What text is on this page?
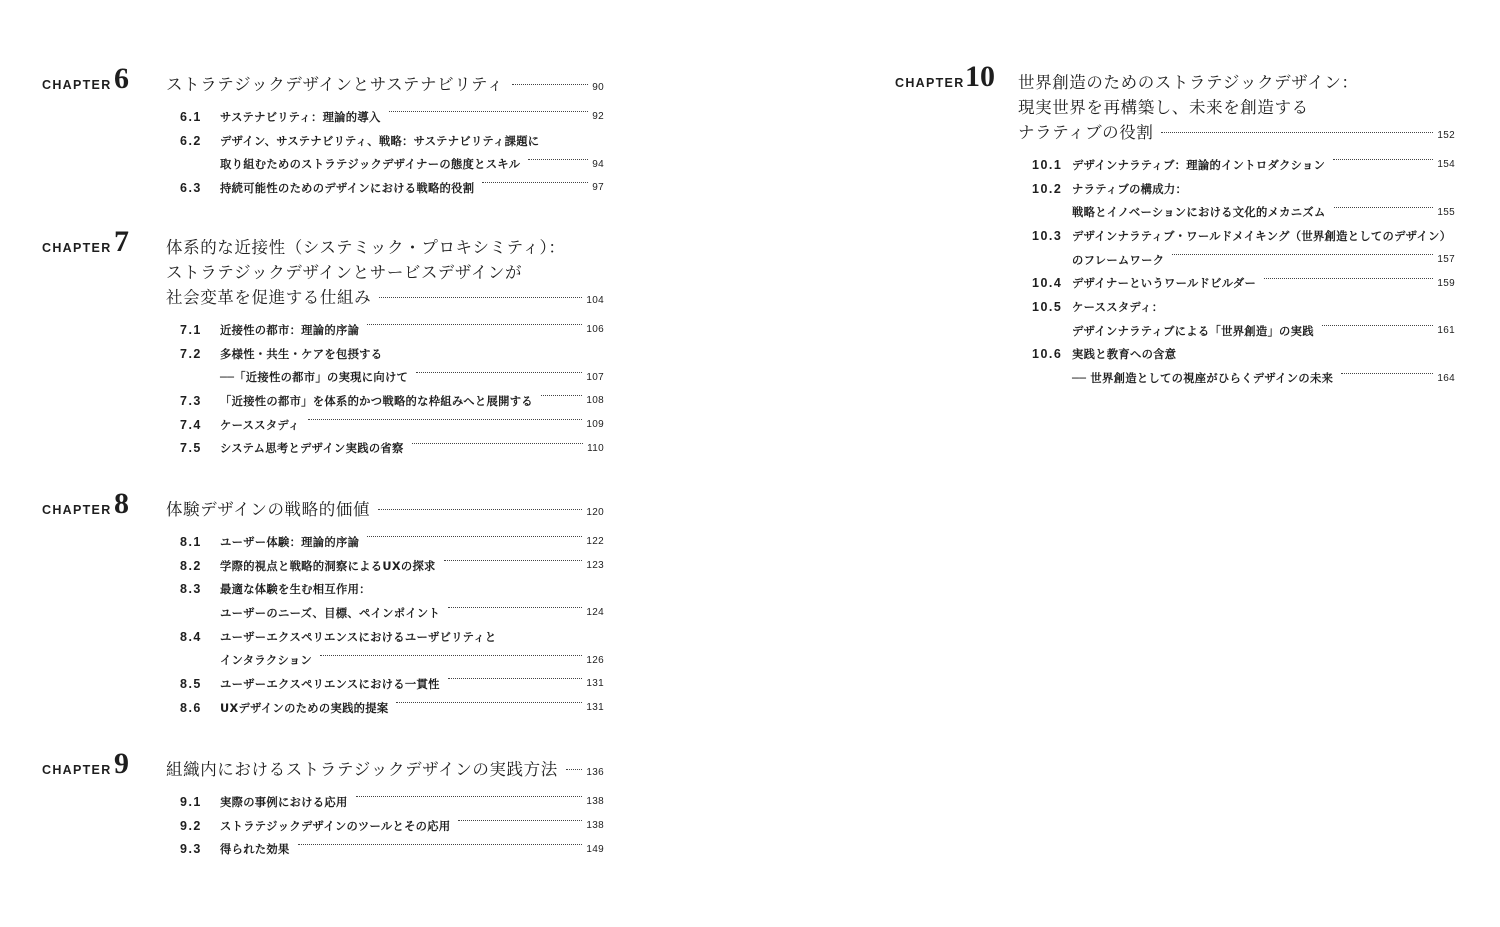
CHAPTER 6 ストラテジックデザインとサステナビリティ	90
6.1 サステナビリティ：理論的導入	92
6.2 デザイン、サステナビリティ、戦略：サステナビリティ課題に
取り組むためのストラテジックデザイナーの態度とスキル	94
6.3 持続可能性のためのデザインにおける戦略的役割	97
CHAPTER 7 体系的な近接性（システミック・プロキシミティ）：
ストラテジックデザインとサービスデザインが
社会変革を促進する仕組み	104
7.1 近接性の都市：理論的序論	106
7.2 多様性・共生・ケアを包摂する
──「近接性の都市」の実現に向けて	107
7.3 「近接性の都市」を体系的かつ戦略的な枠組みへと展開する	108
7.4 ケーススタディ	109
7.5 システム思考とデザイン実践の省察	110
CHAPTER 8 体験デザインの戦略的価値	120
8.1 ユーザー体験：理論的序論	122
8.2 学際的視点と戦略的洞察によるUXの探求	123
8.3 最適な体験を生む相互作用：
ユーザーのニーズ、目標、ペインポイント	124
8.4 ユーザーエクスペリエンスにおけるユーザビリティと
インタラクション	126
8.5 ユーザーエクスペリエンスにおける一貫性	131
8.6 UXデザインのための実践的提案	131
CHAPTER 9 組織内におけるストラテジックデザインの実践方法	136
9.1 実際の事例における応用	138
9.2 ストラテジックデザインのツールとその応用	138
9.3 得られた効果	149
CHAPTER 10 世界創造のためのストラテジックデザイン：
現実世界を再構築し、未来を創造する
ナラティブの役割	152
10.1 デザインナラティブ：理論的イントロダクション	154
10.2 ナラティブの構成力：
戦略とイノベーションにおける文化的メカニズム	155
10.3 デザインナラティブ・ワールドメイキング（世界創造としてのデザイン）
のフレームワーク	157
10.4 デザイナーというワールドビルダー	159
10.5 ケーススタディ：
デザインナラティブによる「世界創造」の実践	161
10.6 実践と教育への含意
── 世界創造としての視座がひらくデザインの未来	164
